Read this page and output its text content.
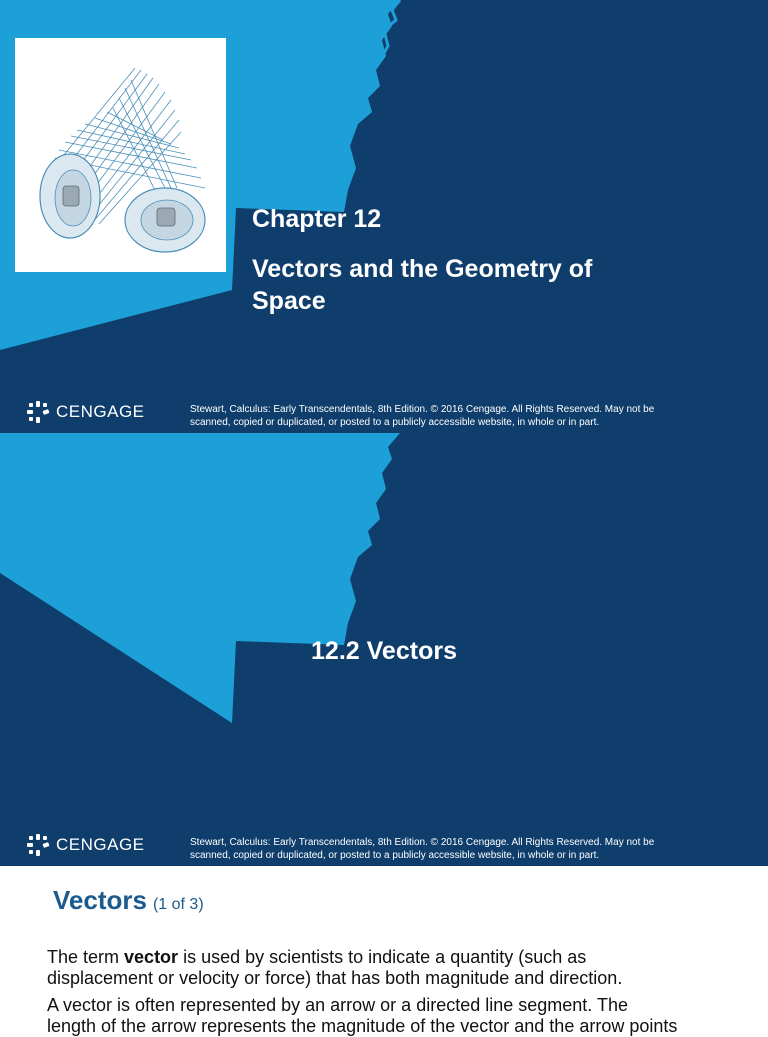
Chapter 12
Vectors and the Geometry of
Space
CENGAGE	Stewart, Calculus: Early Transcendentals, 8th Edition. © 2016 Cengage. All Rights Reserved. May not be
scanned, copied or duplicated, or posted to a publicly accessible website, in whole or in part.
12.2 Vectors
CENGAGE	Stewart, Calculus: Early Transcendentals, 8th Edition. © 2016 Cengage. All Rights Reserved. May not be
scanned, copied or duplicated, or posted to a publicly accessible website, in whole or in part.
Vectors (1 of 3)
The term vector is used by scientists to indicate a quantity (such as
displacement or velocity or force) that has both magnitude and direction.
A vector is often represented by an arrow or a directed line segment. The
length of the arrow represents the magnitude of the vector and the arrow points
